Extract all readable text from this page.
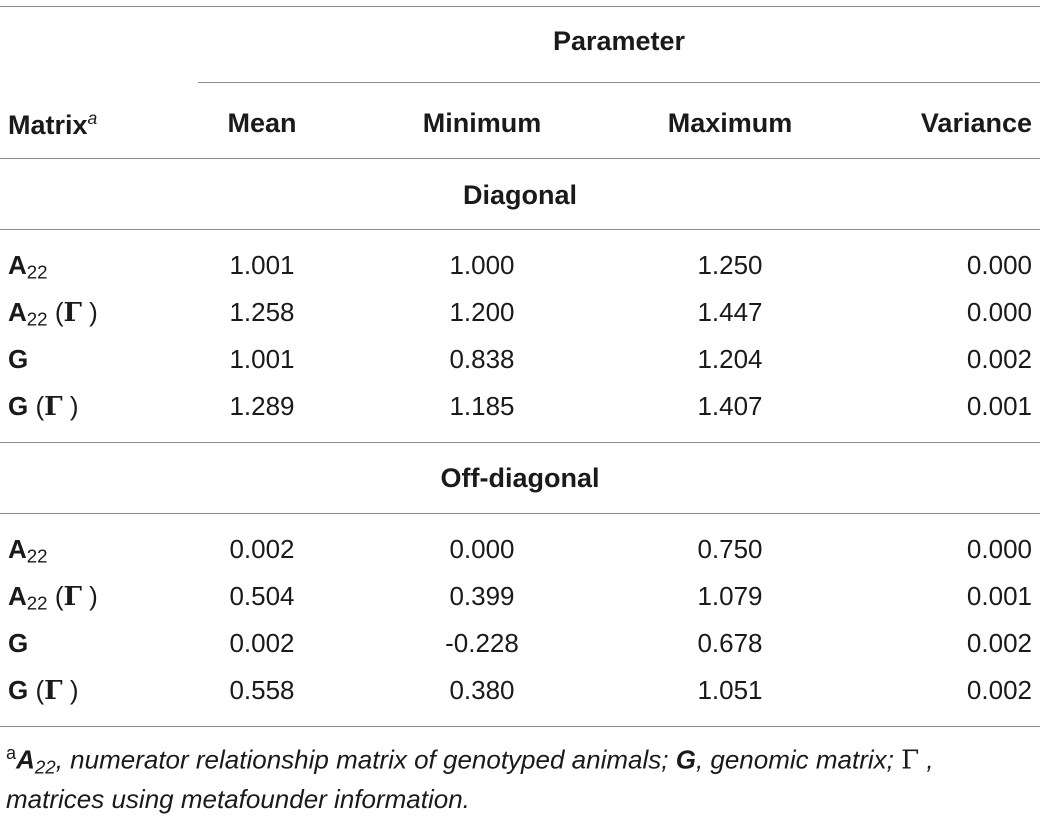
Parameter
Matrix$^a$	Mean	Minimum	Maximum	Variance
Diagonal
$A_{22}$	1.001	1.000	1.250	0.000
$A_{22}$ (Γ )	1.258	1.200	1.447	0.000
G	1.001	0.838	1.204	0.002
G (Γ )	1.289	1.185	1.407	0.001
Off-diagonal
$A_{22}$	0.002	0.000	0.750	0.000
$A_{22}$ (Γ )	0.504	0.399	1.079	0.001
G	0.002	-0.228	0.678	0.002
G (Γ )	0.558	0.380	1.051	0.002
$^aA_{22}$, numerator relationship matrix of genotyped animals; G, genomic matrix; Γ , matrices using metafounder information.
